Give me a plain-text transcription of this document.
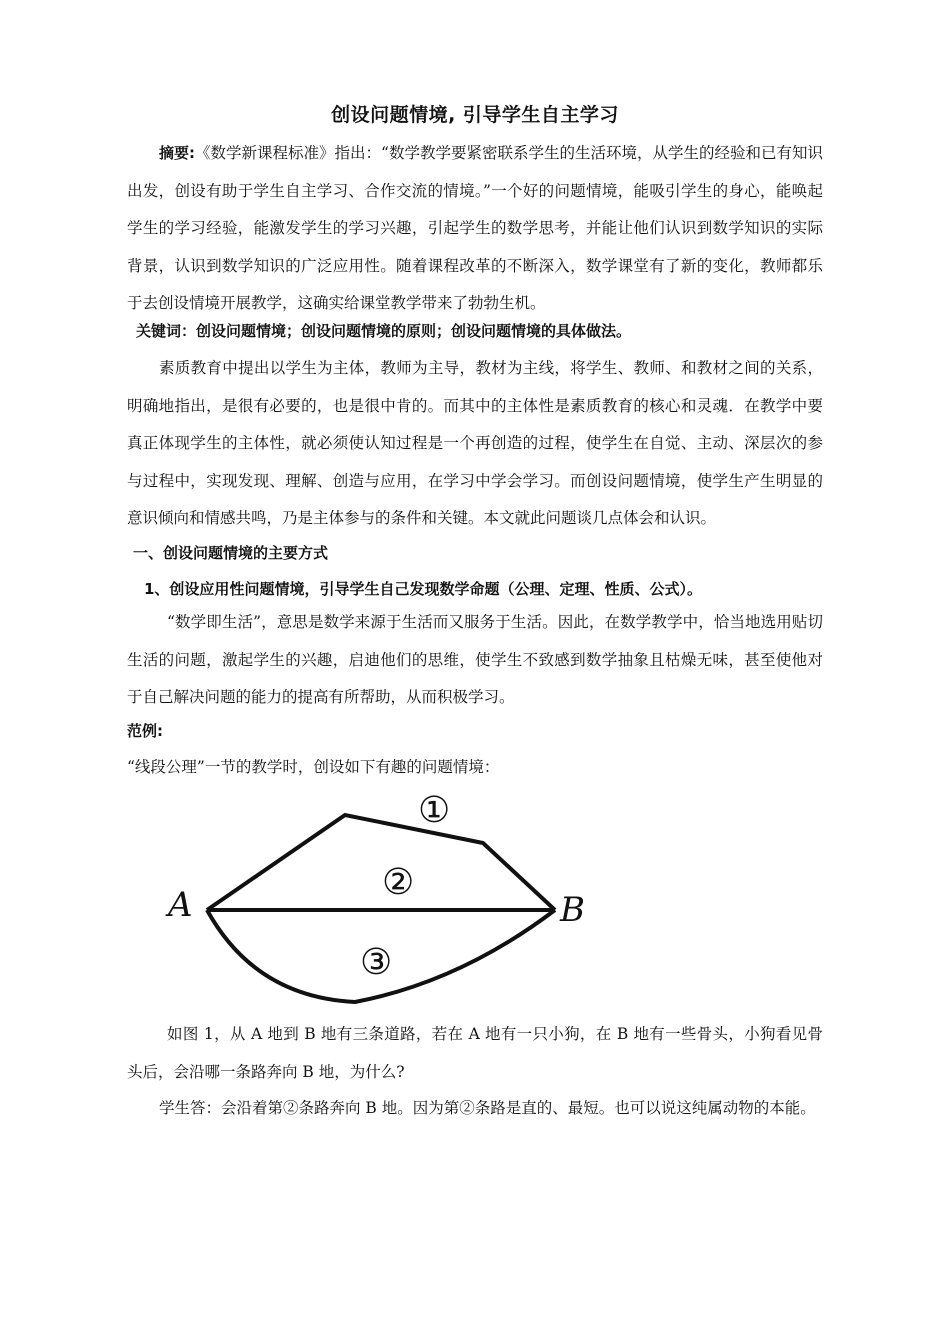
创设问题情境, 引导学生自主学习

摘要:《数学新课程标准》指出：“数学教学要紧密联系学生的生活环境，从学生的经验和已有知识出发，创设有助于学生自主学习、合作交流的情境。”一个好的问题情境，能吸引学生的身心，能唤起学生的学习经验，能激发学生的学习兴趣，引起学生的数学思考，并能让他们认识到数学知识的实际背景，认识到数学知识的广泛应用性。随着课程改革的不断深入，数学课堂有了新的变化，教师都乐于去创设情境开展教学，这确实给课堂教学带来了勃勃生机。

关键词：创设问题情境；创设问题情境的原则；创设问题情境的具体做法。

素质教育中提出以学生为主体，教师为主导，教材为主线，将学生、教师、和教材之间的关系，明确地指出，是很有必要的，也是很中肯的。而其中的主体性是素质教育的核心和灵魂．在教学中要真正体现学生的主体性，就必须使认知过程是一个再创造的过程，使学生在自觉、主动、深层次的参与过程中，实现发现、理解、创造与应用，在学习中学会学习。而创设问题情境，使学生产生明显的意识倾向和情感共鸣，乃是主体参与的条件和关键。本文就此问题谈几点体会和认识。

一、创设问题情境的主要方式

1、创设应用性问题情境，引导学生自己发现数学命题（公理、定理、性质、公式）。

“数学即生活”，意思是数学来源于生活而又服务于生活。因此，在数学教学中，恰当地选用贴切生活的问题，激起学生的兴趣，启迪他们的思维，使学生不致感到数学抽象且枯燥无味，甚至使他对于自己解决问题的能力的提高有所帮助，从而积极学习。

范例:

“线段公理”一节的教学时，创设如下有趣的问题情境：

A	B
①
②
③

如图 1，从 A 地到 B 地有三条道路，若在 A 地有一只小狗，在 B 地有一些骨头，小狗看见骨头后，会沿哪一条路奔向 B 地，为什么?

学生答：会沿着第②条路奔向 B 地。因为第②条路是直的、最短。也可以说这纯属动物的本能。
